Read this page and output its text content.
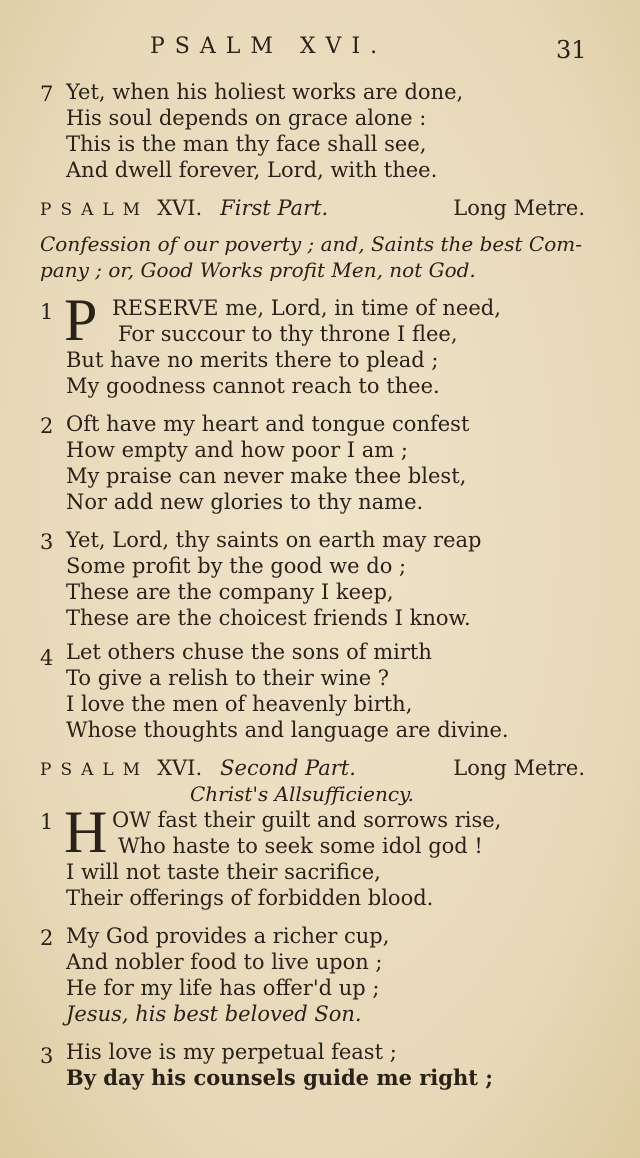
PSALM XVI.	31
7 Yet, when his holiest works are done,
His soul depends on grace alone :
This is the man thy face shall see,
And dwell forever, Lord, with thee.
PSALM XVI. First Part.	Long Metre.
Confession of our poverty ; and, Saints the best Com-
pany ; or, Good Works profit Men, not God.
1 P RESERVE me, Lord, in time of need,
For succour to thy throne I flee,
But have no merits there to plead ;
My goodness cannot reach to thee.
2 Oft have my heart and tongue confest
How empty and how poor I am ;
My praise can never make thee blest,
Nor add new glories to thy name.
3 Yet, Lord, thy saints on earth may reap
Some profit by the good we do ;
These are the company I keep,
These are the choicest friends I know.
4 Let others chuse the sons of mirth
To give a relish to their wine ?
I love the men of heavenly birth,
Whose thoughts and language are divine.
PSALM XVI. Second Part.	Long Metre.
Christ's Allsufficiency.
1 H OW fast their guilt and sorrows rise,
Who haste to seek some idol god !
I will not taste their sacrifice,
Their offerings of forbidden blood.
2 My God provides a richer cup,
And nobler food to live upon ;
He for my life has offer'd up ;
Jesus, his best beloved Son.
3 His love is my perpetual feast ;
By day his counsels guide me right ;
